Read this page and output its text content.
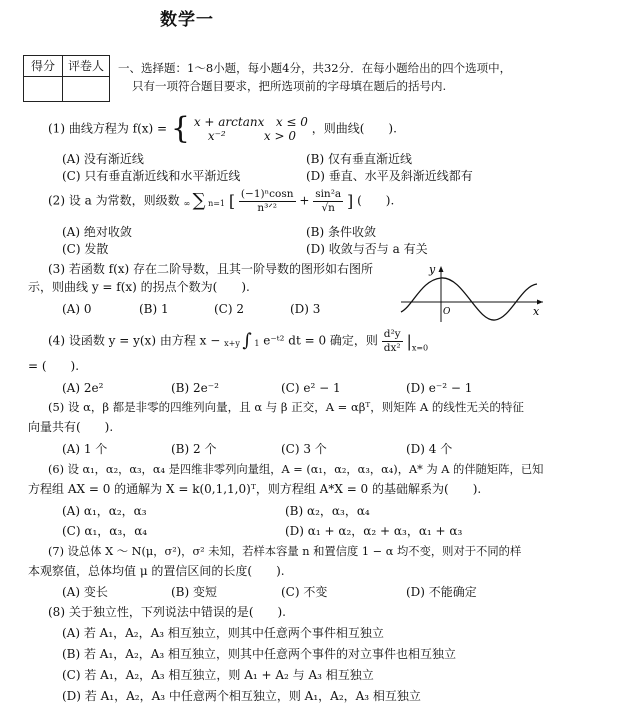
数学一
得分	评卷人
	一、选择题：1～8小题，每小题4分，共32分．在每小题给出的四个选项中，
只有一项符合题目要求，把所选项前的字母填在题后的括号内.
(1) 曲线方程为 f(x) = { x + arctanx x ≤ 0
x⁻²	x > 0
，则曲线(　　).
(A) 没有渐近线	(B) 仅有垂直渐近线
(C) 只有垂直渐近线和水平渐近线	(D) 垂直、水平及斜渐近线都有
(2) 设 a 为常数，则级数 ∞ ∑ n=1 [ $\frac{\text{(−1)ⁿcosn}}{\text{n³ᐟ²}} + \frac{\text{sin²a}}{√n}$ ] (　　).
(A) 绝对收敛	(B) 条件收敛
(C) 发散	(D) 收敛与否与 a 有关
(3) 若函数 f(x) 存在二阶导数，且其一阶导数的图形如右图所
示，则曲线 y = f(x) 的拐点个数为(　　).
(A) 0	(B) 1	(C) 2	(D) 3
y
x
O
(4) 设函数 y = y(x) 由方程 x − x+y ∫ 1 e⁻ᵗ² dt = 0 确定，则 $\frac{\text{d²y}}{\text{dx²}} |_{x=0}$
= (　　).
(A) 2e²	(B) 2e⁻²	(C) e² − 1	(D) e⁻² − 1
(5) 设 α，β 都是非零的四维列向量，且 α 与 β 正交，A = αβᵀ，则矩阵 A 的线性无关的特征
向量共有(　　).
(A) 1 个	(B) 2 个	(C) 3 个	(D) 4 个
(6) 设 α₁，α₂，α₃，α₄ 是四维非零列向量组，A = (α₁，α₂，α₃，α₄)，A* 为 A 的伴随矩阵，已知
方程组 AX = 0 的通解为 X = k(0,1,1,0)ᵀ，则方程组 A*X = 0 的基础解系为(　　).
(A) α₁，α₂，α₃	(B) α₂，α₃，α₄
(C) α₁，α₃，α₄	(D) α₁ + α₂，α₂ + α₃，α₁ + α₃
(7) 设总体 X ～ N(μ，σ²)，σ² 未知，若样本容量 n 和置信度 1 − α 均不变，则对于不同的样
本观察值，总体均值 μ 的置信区间的长度(　　).
(A) 变长	(B) 变短	(C) 不变	(D) 不能确定
(8) 关于独立性，下列说法中错误的是(　　).
(A) 若 A₁，A₂，A₃ 相互独立，则其中任意两个事件相互独立
(B) 若 A₁，A₂，A₃ 相互独立，则其中任意两个事件的对立事件也相互独立
(C) 若 A₁，A₂，A₃ 相互独立，则 A₁ + A₂ 与 A₃ 相互独立
(D) 若 A₁，A₂，A₃ 中任意两个相互独立，则 A₁，A₂，A₃ 相互独立
